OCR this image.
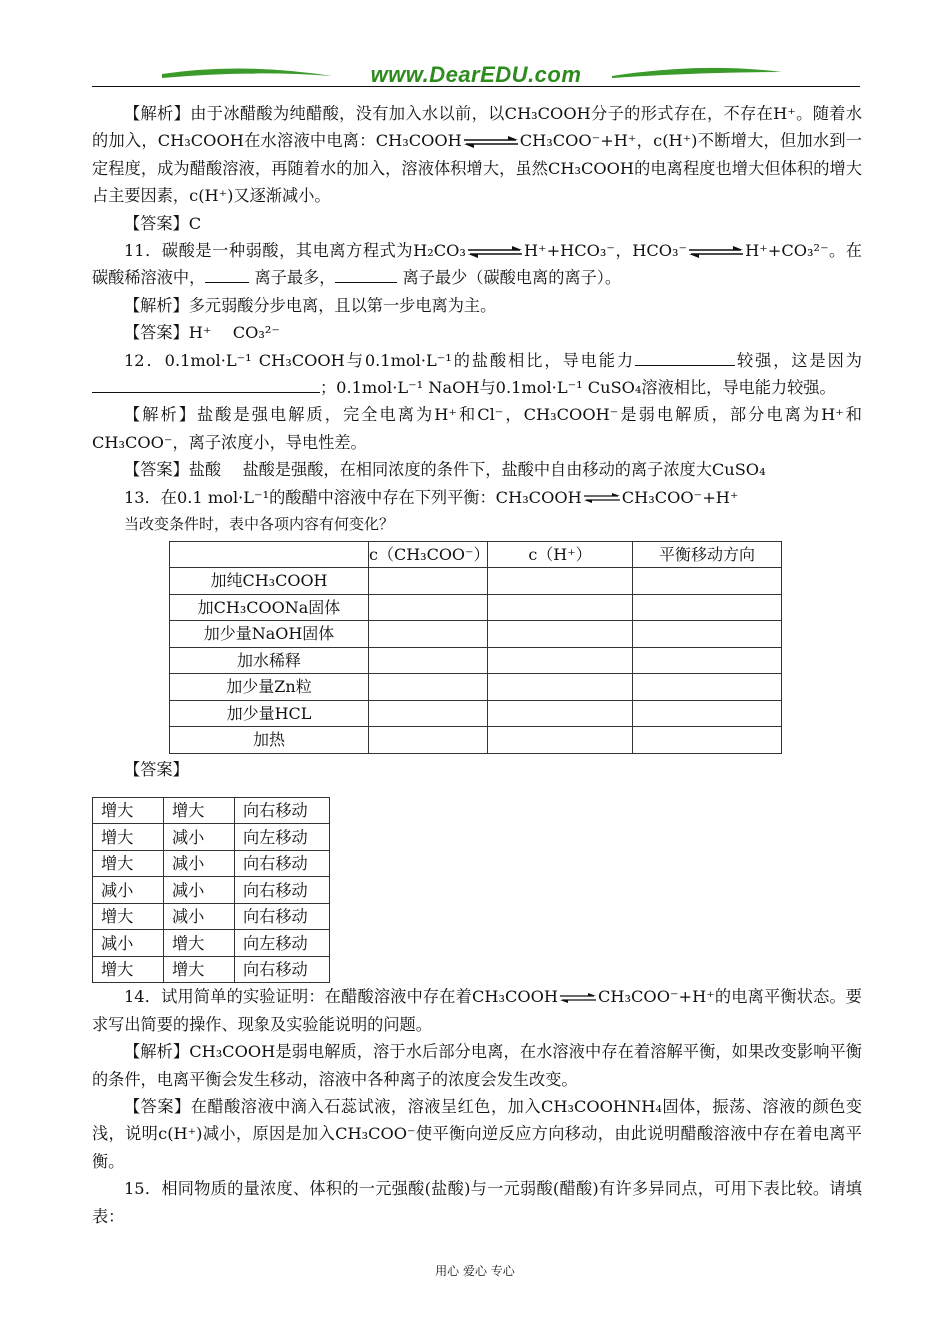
www.DearEDU.com

【解析】由于冰醋酸为纯醋酸，没有加入水以前，以CH₃COOH分子的形式存在，不存在H⁺。随着水的加入，CH₃COOH在水溶液中电离：CH₃COOH⇌CH₃COO⁻+H⁺，c(H⁺)不断增大，但加水到一定程度，成为醋酸溶液，再随着水的加入，溶液体积增大，虽然CH₃COOH的电离程度也增大但体积的增大占主要因素，c(H⁺)又逐渐减小。

【答案】C

11．碳酸是一种弱酸，其电离方程式为H₂CO₃⇌H⁺+HCO₃⁻，HCO₃⁻⇌H⁺+CO₃²⁻。在碳酸稀溶液中，	离子最多，	离子最少（碳酸电离的离子）。

【解析】多元弱酸分步电离，且以第一步电离为主。

【答案】H⁺　 CO₃²⁻

12．0.1mol·L⁻¹ CH₃COOH与0.1mol·L⁻¹的盐酸相比，导电能力	较强，这是因为；0.1mol·L⁻¹ NaOH与0.1mol·L⁻¹ CuSO₄溶液相比，导电能力较强。

【解析】盐酸是强电解质，完全电离为H⁺和Cl⁻，CH₃COOH⁻是弱电解质，部分电离为H⁺和CH₃COO⁻，离子浓度小，导电性差。

【答案】盐酸　 盐酸是强酸，在相同浓度的条件下，盐酸中自由移动的离子浓度大CuSO₄

13．在0.1 mol·L⁻¹的酸醋中溶液中存在下列平衡：CH₃COOH⇌CH₃COO⁻+H⁺

当改变条件时，表中各项内容有何变化？

	c（CH₃COO⁻）	c（H⁺）	平衡移动方向
加纯CH₃COOH			
加CH₃COONa固体			
加少量NaOH固体			
加水稀释			
加少量Zn粒			
加少量HCL			
加热			

【答案】

增大	增大	向右移动
增大	减小	向左移动
增大	减小	向右移动
减小	减小	向右移动
增大	减小	向右移动
减小	增大	向左移动
增大	增大	向右移动

14．试用简单的实验证明：在醋酸溶液中存在着CH₃COOH⇌CH₃COO⁻+H⁺的电离平衡状态。要求写出简要的操作、现象及实验能说明的问题。

【解析】CH₃COOH是弱电解质，溶于水后部分电离，在水溶液中存在着溶解平衡，如果改变影响平衡的条件，电离平衡会发生移动，溶液中各种离子的浓度会发生改变。

【答案】在醋酸溶液中滴入石蕊试液，溶液呈红色，加入CH₃COOHNH₄固体，振荡、溶液的颜色变浅，说明c(H⁺)减小，原因是加入CH₃COO⁻使平衡向逆反应方向移动，由此说明醋酸溶液中存在着电离平衡。

15．相同物质的量浓度、体积的一元强酸(盐酸)与一元弱酸(醋酸)有许多异同点，可用下表比较。请填表：

用心 爱心 专心
